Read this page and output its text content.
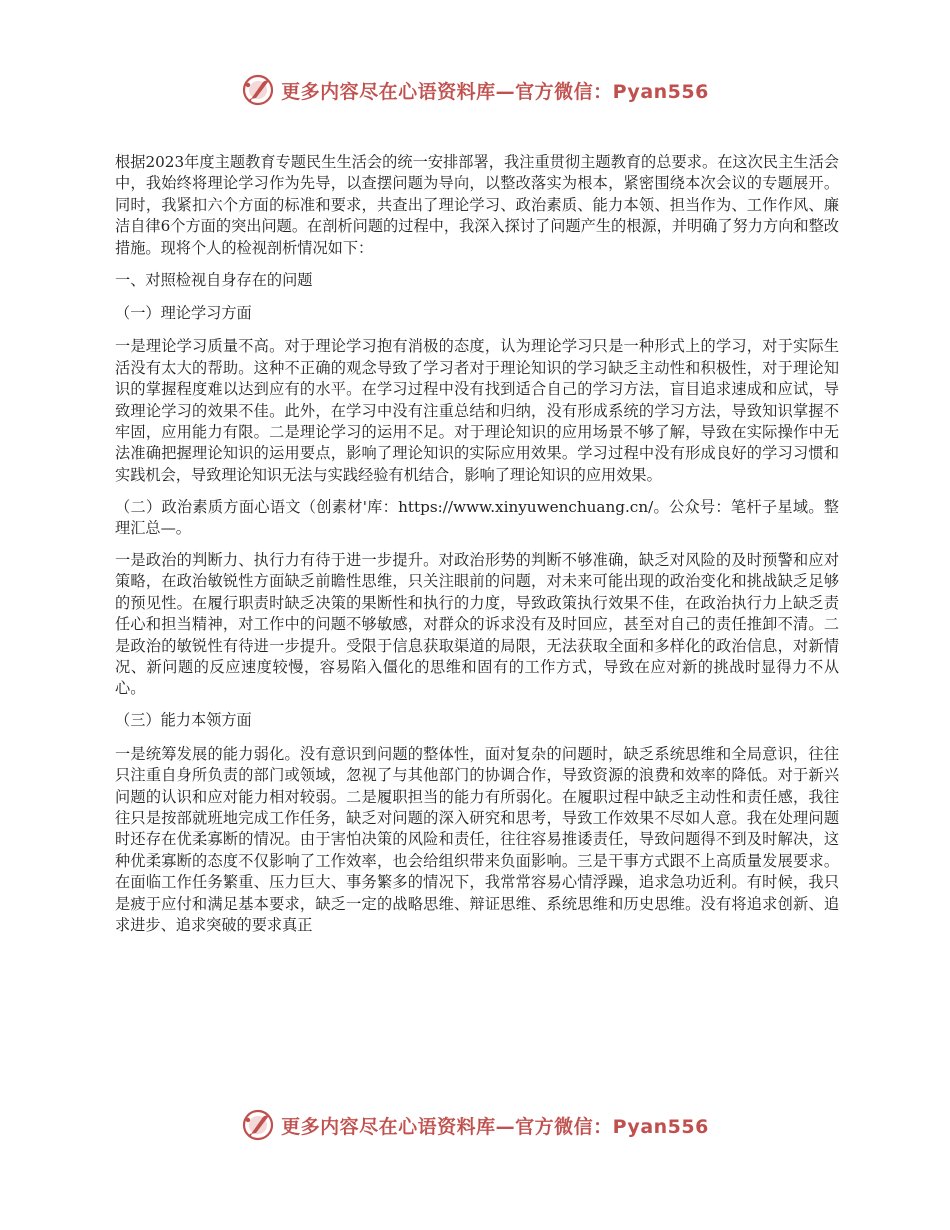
更多内容尽在心语资料库—官方微信：Pyan556

根据2023年度主题教育专题民生生活会的统一安排部署，我注重贯彻主题教育的总要求。在这次民主生活会中，我始终将理论学习作为先导，以查摆问题为导向，以整改落实为根本，紧密围绕本次会议的专题展开。同时，我紧扣六个方面的标准和要求，共查出了理论学习、政治素质、能力本领、担当作为、工作作风、廉洁自律6个方面的突出问题。在剖析问题的过程中，我深入探讨了问题产生的根源，并明确了努力方向和整改措施。现将个人的检视剖析情况如下：

一、对照检视自身存在的问题

（一）理论学习方面

一是理论学习质量不高。对于理论学习抱有消极的态度，认为理论学习只是一种形式上的学习，对于实际生活没有太大的帮助。这种不正确的观念导致了学习者对于理论知识的学习缺乏主动性和积极性，对于理论知识的掌握程度难以达到应有的水平。在学习过程中没有找到适合自己的学习方法，盲目追求速成和应试，导致理论学习的效果不佳。此外，在学习中没有注重总结和归纳，没有形成系统的学习方法，导致知识掌握不牢固，应用能力有限。二是理论学习的运用不足。对于理论知识的应用场景不够了解，导致在实际操作中无法准确把握理论知识的运用要点，影响了理论知识的实际应用效果。学习过程中没有形成良好的学习习惯和实践机会，导致理论知识无法与实践经验有机结合，影响了理论知识的应用效果。

（二）政治素质方面心语文（创素材'库：https://www.xinyuwenchuang.cn/。公众号：笔杆子星域。整理汇总—。

一是政治的判断力、执行力有待于进一步提升。对政治形势的判断不够准确，缺乏对风险的及时预警和应对策略，在政治敏锐性方面缺乏前瞻性思维，只关注眼前的问题，对未来可能出现的政治变化和挑战缺乏足够的预见性。在履行职责时缺乏决策的果断性和执行的力度，导致政策执行效果不佳，在政治执行力上缺乏责任心和担当精神，对工作中的问题不够敏感，对群众的诉求没有及时回应，甚至对自己的责任推卸不清。二是政治的敏锐性有待进一步提升。受限于信息获取渠道的局限，无法获取全面和多样化的政治信息，对新情况、新问题的反应速度较慢，容易陷入僵化的思维和固有的工作方式，导致在应对新的挑战时显得力不从心。

（三）能力本领方面

一是统筹发展的能力弱化。没有意识到问题的整体性，面对复杂的问题时，缺乏系统思维和全局意识，往往只注重自身所负责的部门或领域，忽视了与其他部门的协调合作，导致资源的浪费和效率的降低。对于新兴问题的认识和应对能力相对较弱。二是履职担当的能力有所弱化。在履职过程中缺乏主动性和责任感，我往往只是按部就班地完成工作任务，缺乏对问题的深入研究和思考，导致工作效果不尽如人意。我在处理问题时还存在优柔寡断的情况。由于害怕决策的风险和责任，往往容易推诿责任，导致问题得不到及时解决，这种优柔寡断的态度不仅影响了工作效率，也会给组织带来负面影响。三是干事方式跟不上高质量发展要求。在面临工作任务繁重、压力巨大、事务繁多的情况下，我常常容易心情浮躁，追求急功近利。有时候，我只是疲于应付和满足基本要求，缺乏一定的战略思维、辩证思维、系统思维和历史思维。没有将追求创新、追求进步、追求突破的要求真正

更多内容尽在心语资料库—官方微信：Pyan556
